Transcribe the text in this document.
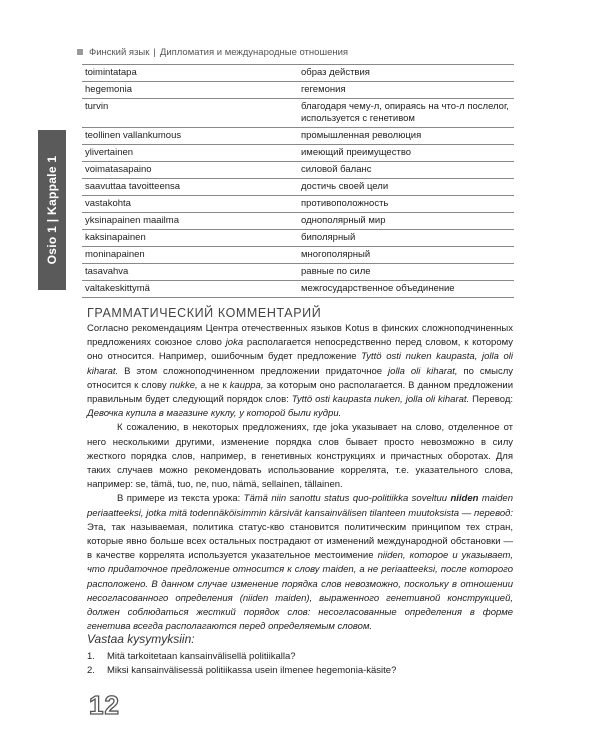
Финский язык | Дипломатия и международные отношения
Osio 1 | Kappale 1
toimintatapa	образ действия
hegemonia	гегемония
turvin	благодаря чему-л, опираясь на что-л послелог, используется с генетивом
teollinen vallankumous	промышленная революция
ylivertainen	имеющий преимущество
voimatasapaino	силовой баланс
saavuttaa tavoitteensa	достичь своей цели
vastakohta	противоположность
yksinapainen maailma	однополярный мир
kaksinapainen	биполярный
moninapainen	многополярный
tasavahva	равные по силе
valtakeskittymä	межгосударственное объединение
ГРАММАТИЧЕСКИЙ КОММЕНТАРИЙ

Согласно рекомендациям Центра отечественных языков Kotus в финских сложноподчиненных предложениях союзное слово joka располагается непосредственно перед словом, к которому оно относится. Например, ошибочным будет предложение Tyttö osti nuken kaupasta, jolla oli kiharat. В этом сложноподчиненном предложении придаточное jolla oli kiharat, по смыслу относится к слову nukke, а не к kauppa, за которым оно располагается. В данном предложении правильным будет следующий порядок слов: Tyttö osti kaupasta nuken, jolla oli kiharat. Перевод: Девочка купила в магазине куклу, у которой были кудри.

К сожалению, в некоторых предложениях, где joka указывает на слово, отделенное от него несколькими другими, изменение порядка слов бывает просто невозможно в силу жесткого порядка слов, например, в генетивных конструкциях и причастных оборотах. Для таких случаев можно рекомендовать использование коррелята, т.е. указательного слова, например: se, tämä, tuo, ne, nuo, nämä, sellainen, tällainen.

В примере из текста урока: Tämä niin sanottu status quo-politiikka soveltuu niiden maiden periaatteeksi, jotka mitä todennäköisimmin kärsivät kansainvälisen tilanteen muutoksista — перевод: Эта, так называемая, политика статус-кво становится политическим принципом тех стран, которые явно больше всех остальных пострадают от изменений международной обстановки — в качестве коррелята используется указательное местоимение niiden, которое и указывает, что придаточное предложение относится к слову maiden, а не periaatteeksi, после которого расположено. В данном случае изменение порядка слов невозможно, поскольку в отношении несогласованного определения (niiden maiden), выраженного генетивной конструкцией, должен соблюдаться жесткий порядок слов: несогласованные определения в форме генетива всегда располагаются перед определяемым словом.

Vastaa kysymyksiin:
1.	Mitä tarkoitetaan kansainvälisellä politiikalla?
2.	Miksi kansainvälisessä politiikassa usein ilmenee hegemonia-käsite?
12
